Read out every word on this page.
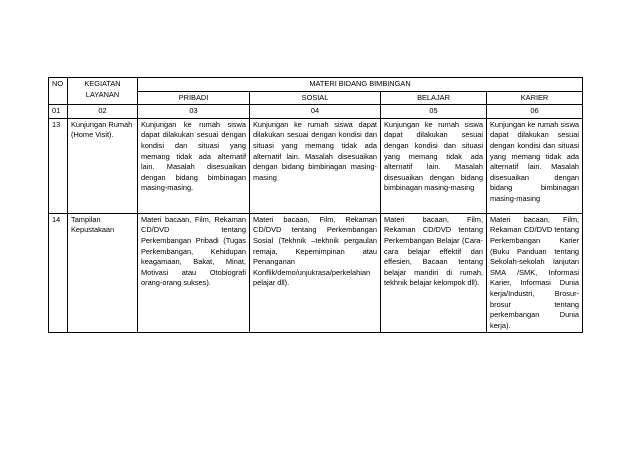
NO	KEGIATAN LAYANAN	MATERI BIDANG BIMBINGAN			
		PRIBADI	SOSIAL	BELAJAR	KARIER
01	02	03	04	05	06
13	Kunjungan Rumah (Home Visit).	Kunjungan ke rumah siswa dapat dilakukan sesuai dengan kondisi dan situasi yang memang tidak ada alternatif lain. Masalah disesuaikan dengan bidang bimbinagan masing-masing.	Kunjungan ke rumah siswa dapat dilakukan sesuai dengan kondisi dan situasi yang memang tidak ada alternatif lain. Masalah disesuaikan dengan bidang bimbinagan masing-masing	Kunjungan ke rumah siswa dapat dilakukan sesuai dengan kondisi dan situasi yang memang tidak ada alternatif lain. Masalah disesuaikan dengan bidang bimbinagan masing-masing	Kunjungan ke rumah siswa dapat dilakukan sesuai dengan kondisi dan situasi yang memang tidak ada alternatif lain. Masalah disesuaikan dengan bidang bimbinagan masing-masing
14	Tampilan Kepustakaan	Materi bacaan, Film, Rekaman CD/DVD tentang Perkembangan Pribadi (Tugas Perkembangan, Kehidupan keagamaan, Bakat, Minat, Motivasi atau Otobiografi orang-orang sukses).	Materi bacaan, Film, Rekaman CD/DVD tentang Perkembangan Sosial (Tekhnik –tekhnik pergaulan remaja, Kepemimpinan atau Penanganan Konflik/demo/unjukrasa/perkelahian pelajar dll).	Materi bacaan, Film, Rekaman CD/DVD tentang Perkembangan Belajar (Cara-cara belajar effektif dan effesien, Bacaan tentang belajar mandiri di rumah, tekhnik belajar kelompok dll).	Materi bacaan, Film, Rekaman CD/DVD tentang Perkembangan Karier (Buku Panduan tentang Sekolah-sekolah lanjutan SMA /SMK, Informasi Karier, Informasi Dunia kerja/Industri, Brosur-brosur tentang perkembangan Dunia kerja).
